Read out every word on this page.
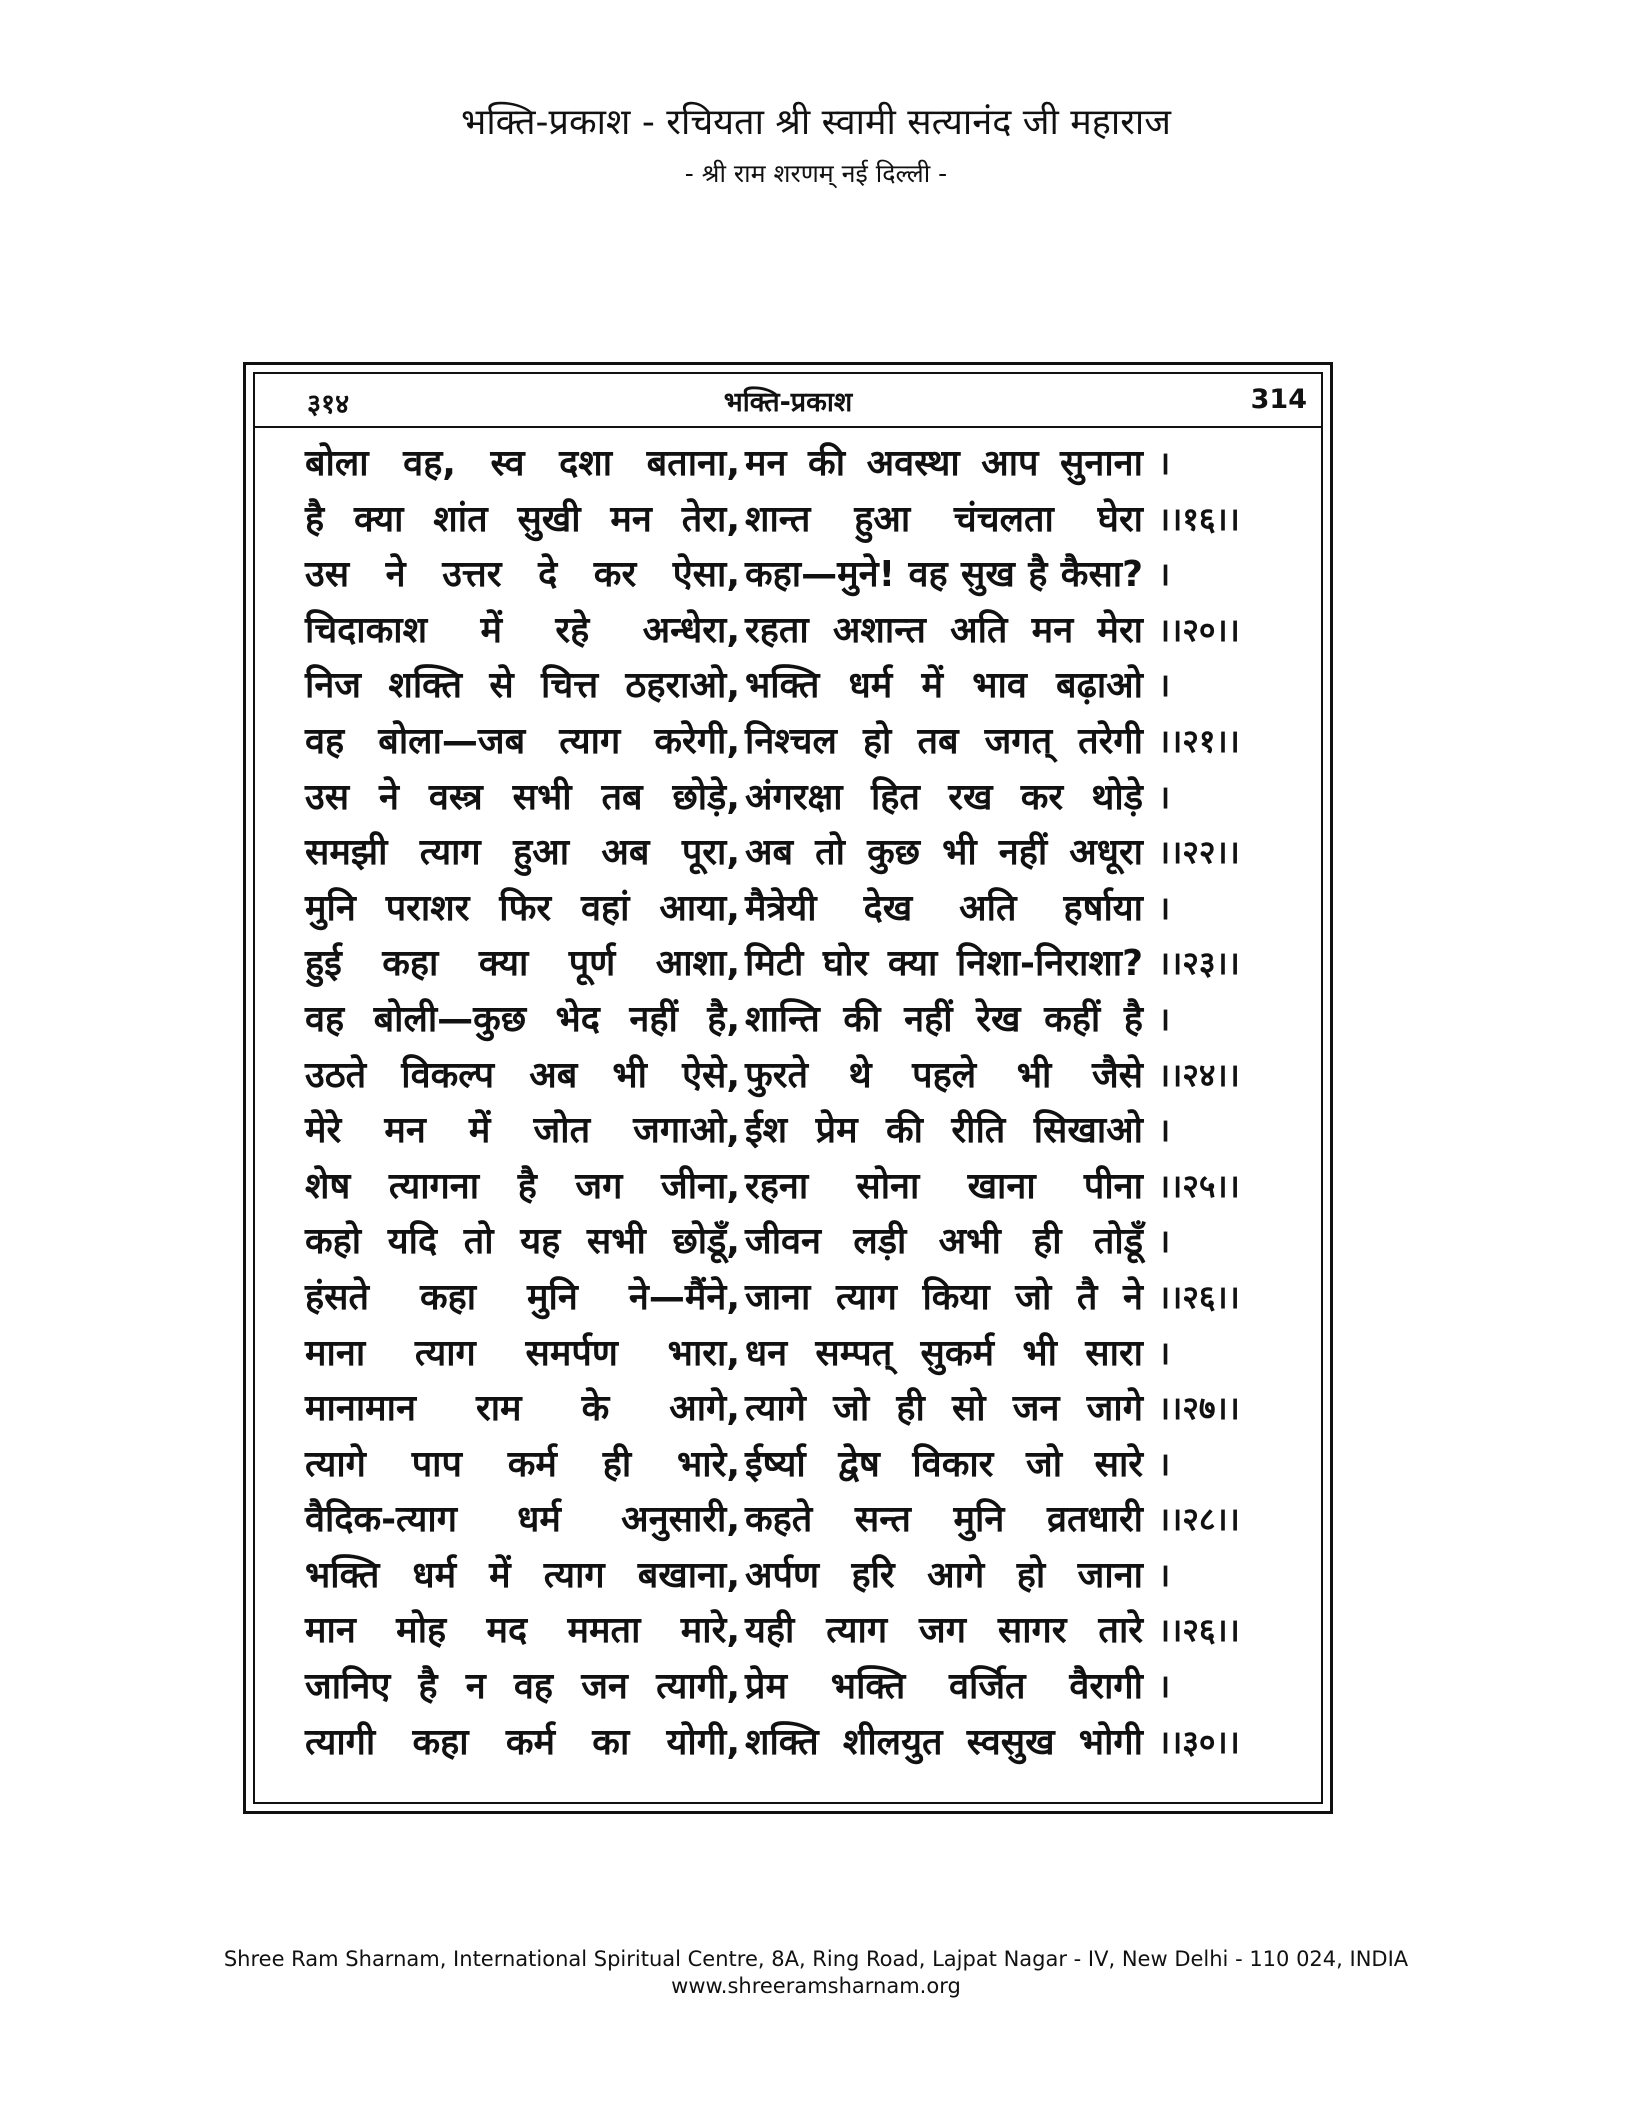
भक्ति-प्रकाश - रचियता श्री स्वामी सत्यानंद जी महाराज
- श्री राम शरणम् नई दिल्ली -
३१४	भक्ति-प्रकाश	314
बोला वह, स्व दशा बताना, मन की अवस्था आप सुनाना ।
है क्या शांत सुखी मन तेरा, शान्त हुआ चंचलता घेरा ।।१६।।
उस ने उत्तर दे कर ऐसा, कहा—मुने! वह सुख है कैसा? ।
चिदाकाश में रहे अन्धेरा, रहता अशान्त अति मन मेरा ।।२०।।
निज शक्ति से चित्त ठहराओ, भक्ति धर्म में भाव बढ़ाओ ।
वह बोला—जब त्याग करेगी, निश्चल हो तब जगत् तरेगी ।।२१।।
उस ने वस्त्र सभी तब छोड़े, अंगरक्षा हित रख कर थोड़े ।
समझी त्याग हुआ अब पूरा, अब तो कुछ भी नहीं अधूरा ।।२२।।
मुनि पराशर फिर वहां आया, मैत्रेयी देख अति हर्षाया ।
हुई कहा क्या पूर्ण आशा, मिटी घोर क्या निशा-निराशा? ।।२३।।
वह बोली—कुछ भेद नहीं है, शान्ति की नहीं रेख कहीं है ।
उठते विकल्प अब भी ऐसे, फुरते थे पहले भी जैसे ।।२४।।
मेरे मन में जोत जगाओ, ईश प्रेम की रीति सिखाओ ।
शेष त्यागना है जग जीना, रहना सोना खाना पीना ।।२५।।
कहो यदि तो यह सभी छोडूँ, जीवन लड़ी अभी ही तोडूँ ।
हंसते कहा मुनि ने—मैंने, जाना त्याग किया जो तै ने ।।२६।।
माना त्याग समर्पण भारा, धन सम्पत् सुकर्म भी सारा ।
मानामान राम के आगे, त्यागे जो ही सो जन जागे ।।२७।।
त्यागे पाप कर्म ही भारे, ईर्ष्या द्वेष विकार जो सारे ।
वैदिक-त्याग धर्म अनुसारी, कहते सन्त मुनि व्रतधारी ।।२८।।
भक्ति धर्म में त्याग बखाना, अर्पण हरि आगे हो जाना ।
मान मोह मद ममता मारे, यही त्याग जग सागर तारे ।।२६।।
जानिए है न वह जन त्यागी, प्रेम भक्ति वर्जित वैरागी ।
त्यागी कहा कर्म का योगी, शक्ति शीलयुत स्वसुख भोगी ।।३०।।
Shree Ram Sharnam, International Spiritual Centre, 8A, Ring Road, Lajpat Nagar - IV, New Delhi - 110 024, INDIA
www.shreeramsharnam.org
